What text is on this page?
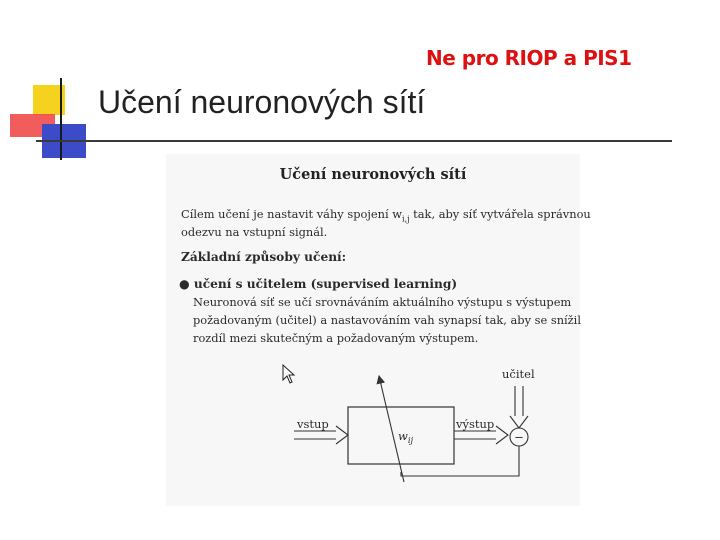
Ne pro RIOP a PIS1
Učení neuronových sítí
Učení neuronových sítí
Cílem učení je nastavit váhy spojení $w_{i,j}$ tak, aby síť vytvářela správnou
odezvu na vstupní signál.
Základní způsoby učení:
● učení s učitelem (supervised learning)
Neuronová síť se učí srovnáváním aktuálního výstupu s výstupem
požadovaným (učitel) a nastavováním vah synapsí tak, aby se snížil
rozdíl mezi skutečným a požadovaným výstupem.
vstup	výstup
−
učitel
$w_{ij}$
